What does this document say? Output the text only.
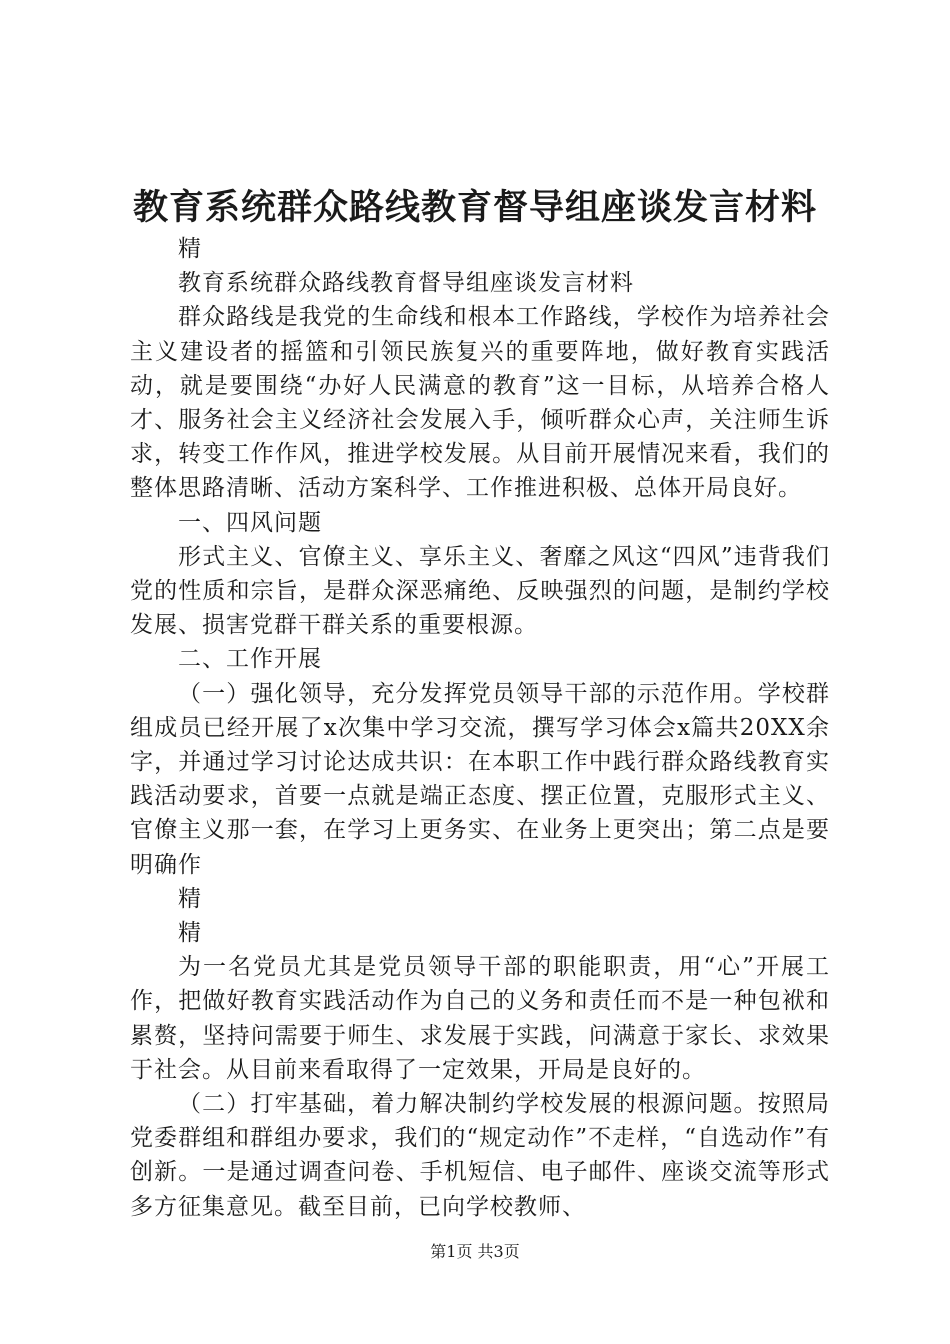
教育系统群众路线教育督导组座谈发言材料

精

教育系统群众路线教育督导组座谈发言材料

群众路线是我党的生命线和根本工作路线，学校作为培养社会主义建设者的摇篮和引领民族复兴的重要阵地，做好教育实践活动，就是要围绕“办好人民满意的教育”这一目标，从培养合格人才、服务社会主义经济社会发展入手，倾听群众心声，关注师生诉求，转变工作作风，推进学校发展。从目前开展情况来看，我们的整体思路清晰、活动方案科学、工作推进积极、总体开局良好。

一、四风问题

形式主义、官僚主义、享乐主义、奢靡之风这“四风”违背我们党的性质和宗旨，是群众深恶痛绝、反映强烈的问题，是制约学校发展、损害党群干群关系的重要根源。

二、工作开展

（一）强化领导，充分发挥党员领导干部的示范作用。学校群组成员已经开展了x次集中学习交流，撰写学习体会x篇共20XX余字，并通过学习讨论达成共识：在本职工作中践行群众路线教育实践活动要求，首要一点就是端正态度、摆正位置，克服形式主义、官僚主义那一套，在学习上更务实、在业务上更突出；第二点是要明确作

精

精

为一名党员尤其是党员领导干部的职能职责，用“心”开展工作，把做好教育实践活动作为自己的义务和责任而不是一种包袱和累赘，坚持问需要于师生、求发展于实践，问满意于家长、求效果于社会。从目前来看取得了一定效果，开局是良好的。

（二）打牢基础，着力解决制约学校发展的根源问题。按照局党委群组和群组办要求，我们的“规定动作”不走样，“自选动作”有创新。一是通过调查问卷、手机短信、电子邮件、座谈交流等形式多方征集意见。截至目前，已向学校教师、

第1页 共3页
